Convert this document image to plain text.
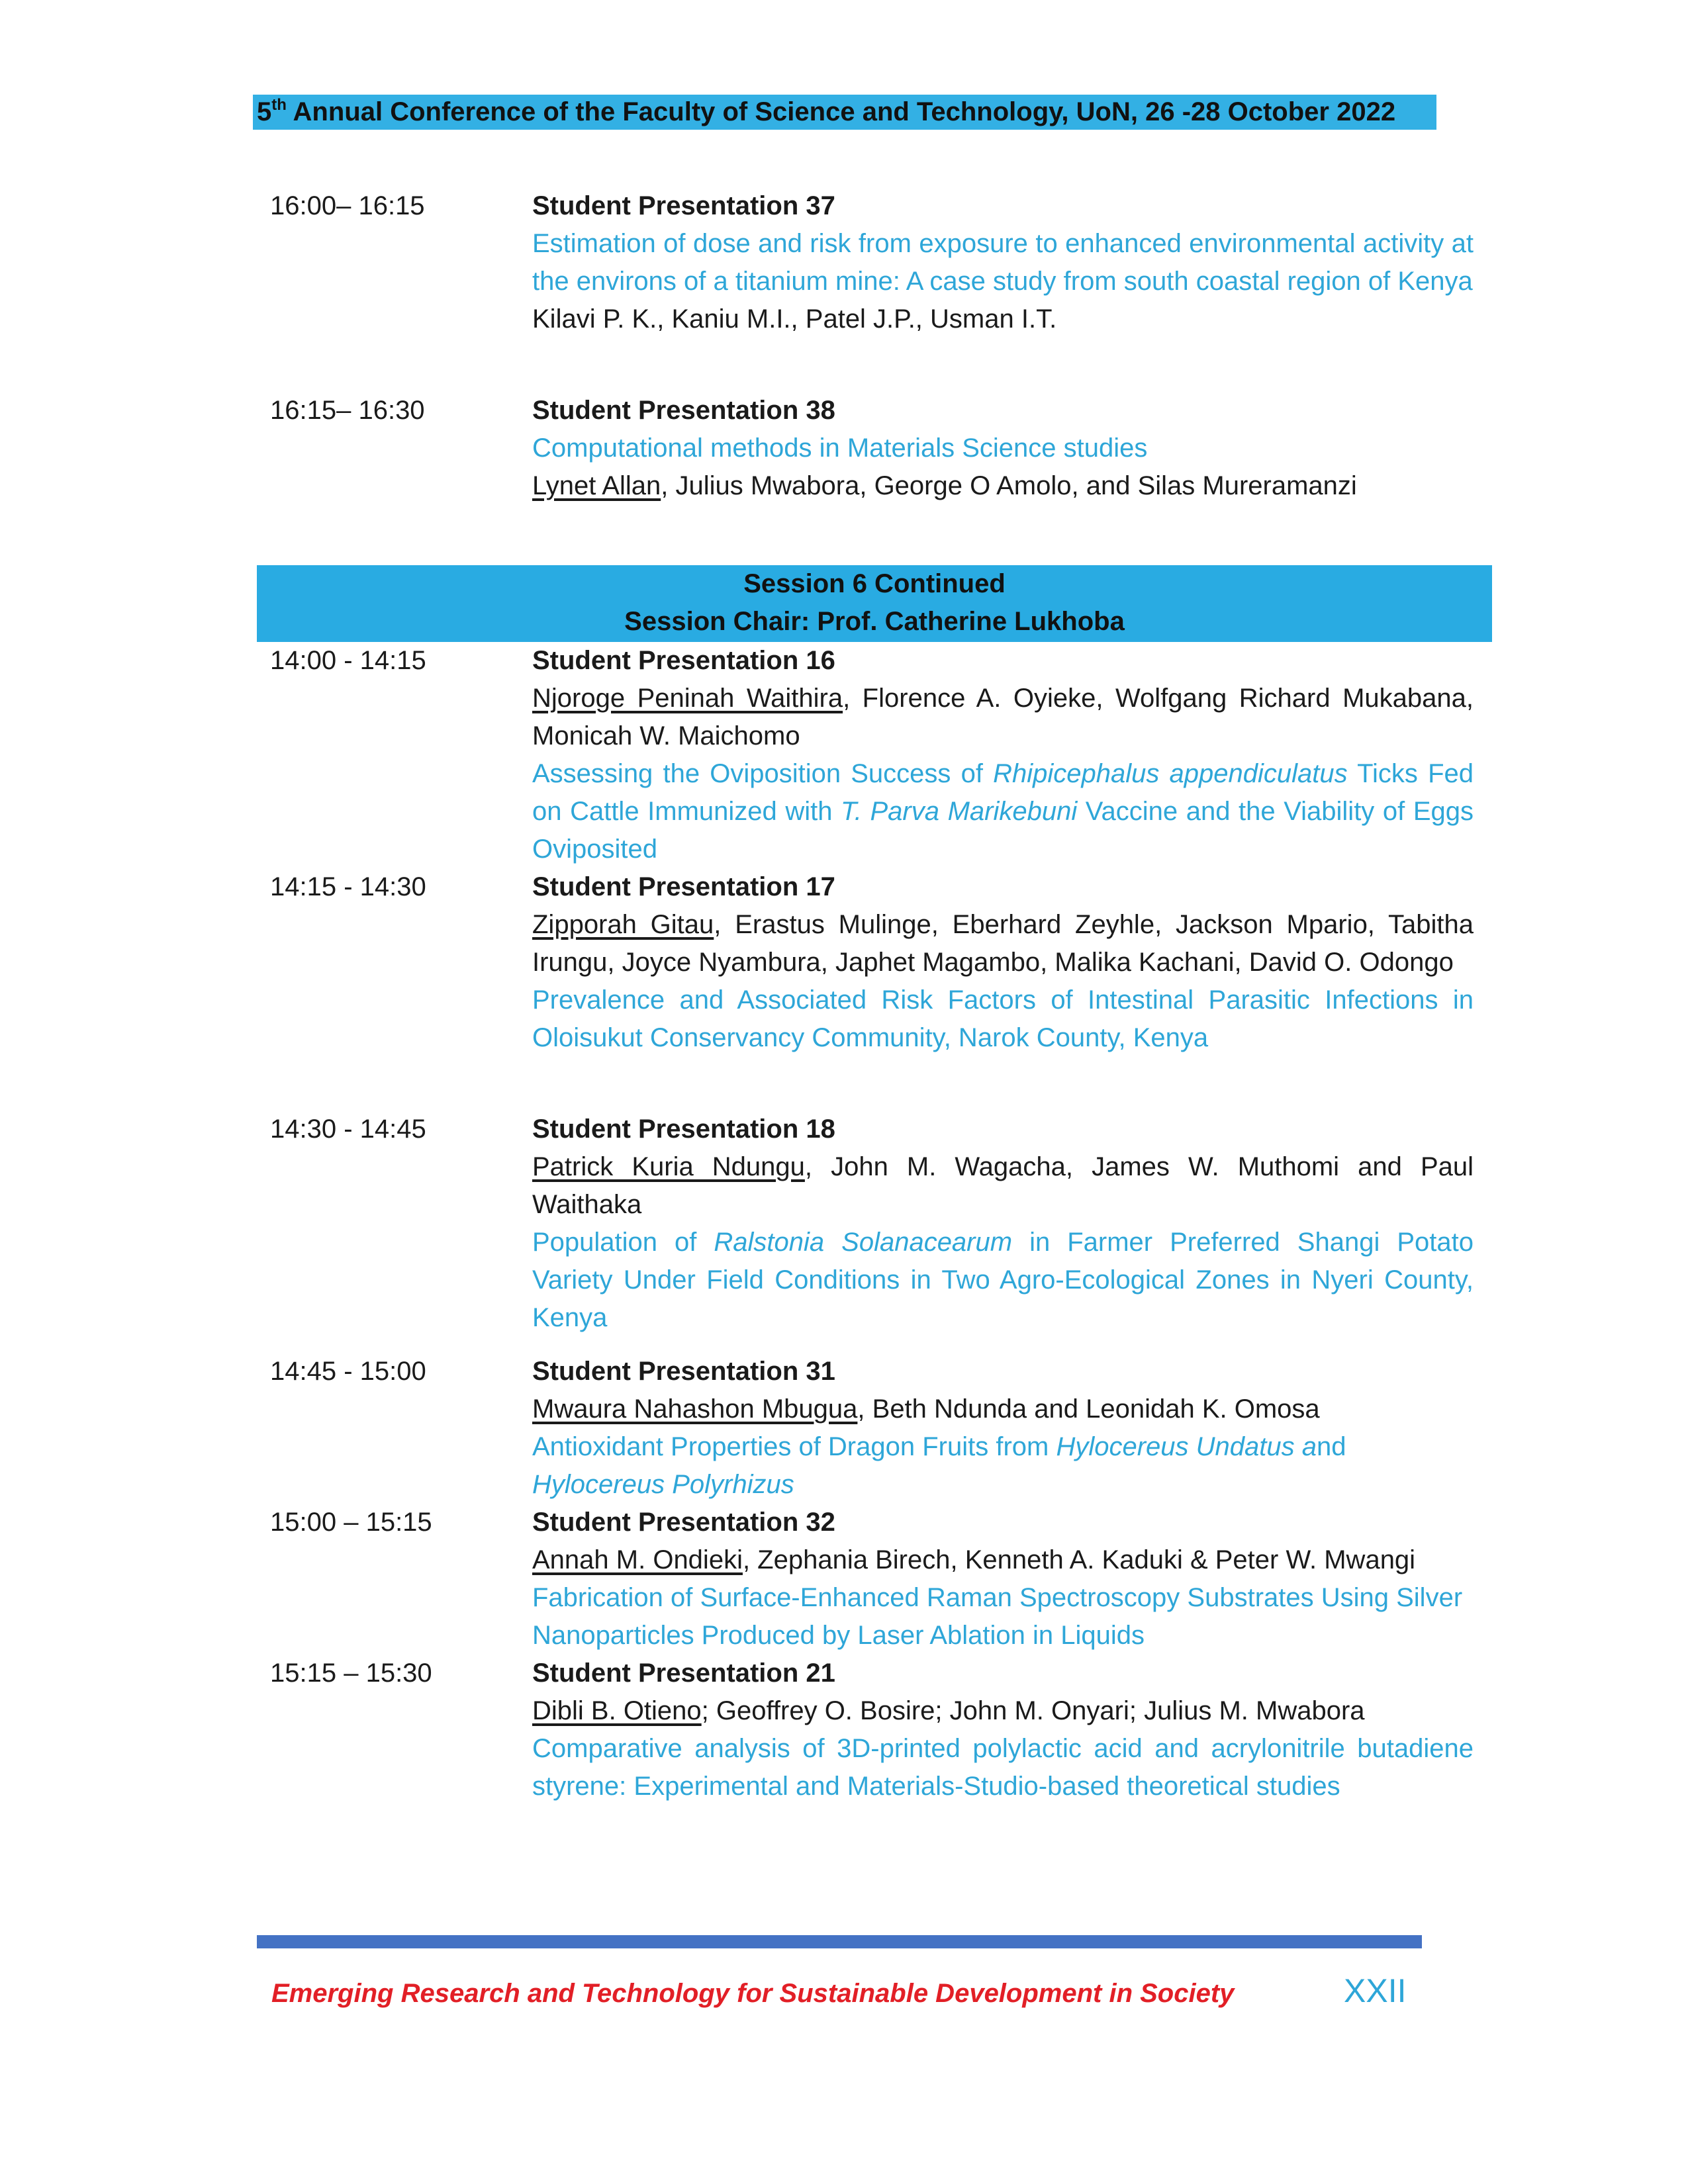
5th Annual Conference of the Faculty of Science and Technology, UoN, 26 -28 October 2022
16:00– 16:15	Student Presentation 37
Estimation of dose and risk from exposure to enhanced environmental activity at the environs of a titanium mine: A case study from south coastal region of Kenya
Kilavi P. K., Kaniu M.I., Patel J.P., Usman I.T.
16:15– 16:30	Student Presentation 38
Computational methods in Materials Science studies
Lynet Allan, Julius Mwabora, George O Amolo, and Silas Mureramanzi
Session 6 Continued
Session Chair: Prof. Catherine Lukhoba
14:00 - 14:15	Student Presentation 16
Njoroge Peninah Waithira, Florence A. Oyieke, Wolfgang Richard Mukabana, Monicah W. Maichomo
Assessing the Oviposition Success of Rhipicephalus appendiculatus Ticks Fed on Cattle Immunized with T. Parva Marikebuni Vaccine and the Viability of Eggs Oviposited
14:15 - 14:30	Student Presentation 17
Zipporah Gitau, Erastus Mulinge, Eberhard Zeyhle, Jackson Mpario, Tabitha Irungu, Joyce Nyambura, Japhet Magambo, Malika Kachani, David O. Odongo
Prevalence and Associated Risk Factors of Intestinal Parasitic Infections in Oloisukut Conservancy Community, Narok County, Kenya
14:30 - 14:45	Student Presentation 18
Patrick Kuria Ndungu, John M. Wagacha, James W. Muthomi and Paul Waithaka
Population of Ralstonia Solanacearum in Farmer Preferred Shangi Potato Variety Under Field Conditions in Two Agro-Ecological Zones in Nyeri County, Kenya
14:45 - 15:00	Student Presentation 31
Mwaura Nahashon Mbugua, Beth Ndunda and Leonidah K. Omosa
Antioxidant Properties of Dragon Fruits from Hylocereus Undatus and
Hylocereus Polyrhizus
15:00 – 15:15	Student Presentation 32
Annah M. Ondieki, Zephania Birech, Kenneth A. Kaduki & Peter W. Mwangi
Fabrication of Surface-Enhanced Raman Spectroscopy Substrates Using Silver Nanoparticles Produced by Laser Ablation in Liquids
15:15 – 15:30	Student Presentation 21
Dibli B. Otieno; Geoffrey O. Bosire; John M. Onyari; Julius M. Mwabora
Comparative analysis of 3D-printed polylactic acid and acrylonitrile butadiene styrene: Experimental and Materials-Studio-based theoretical studies
Emerging Research and Technology for Sustainable Development in Society	XXII
